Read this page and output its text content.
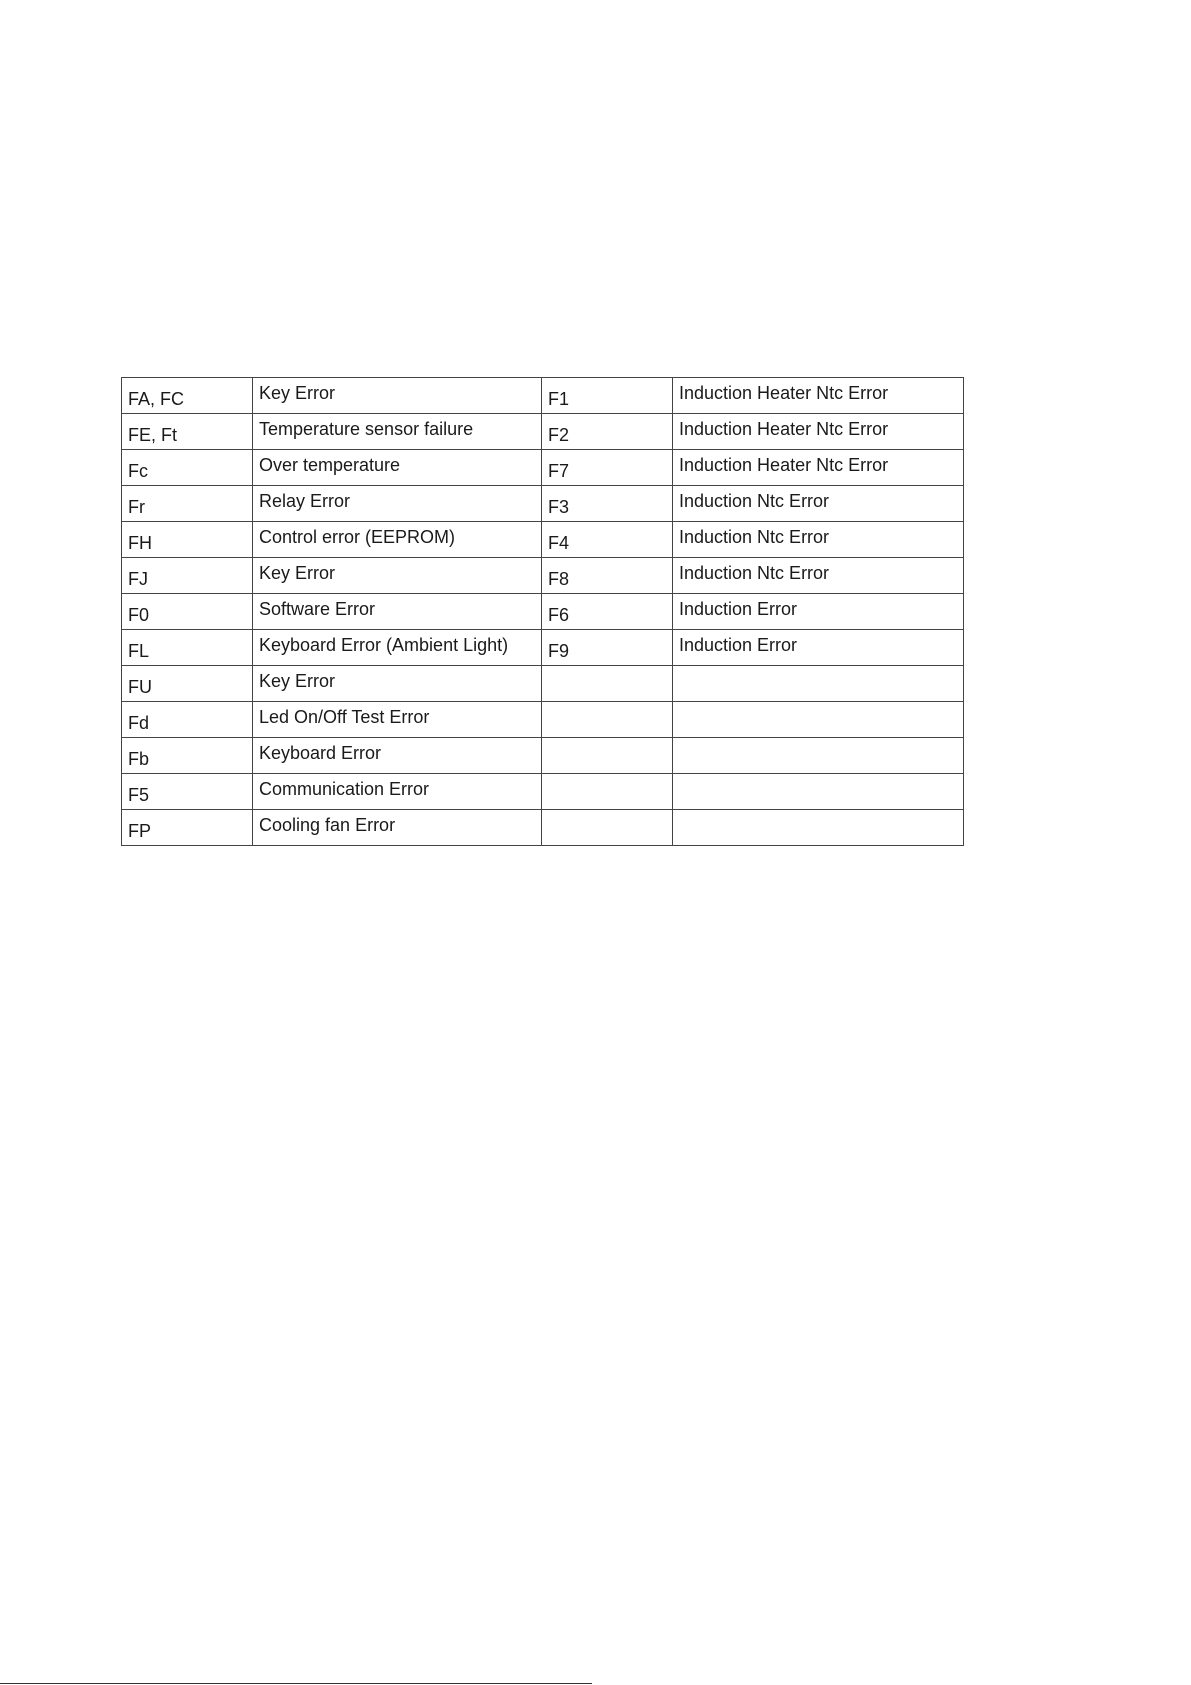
FA, FC	Key Error	F1	Induction Heater Ntc Error
FE, Ft	Temperature sensor failure	F2	Induction Heater Ntc Error
Fc	Over temperature	F7	Induction Heater Ntc Error
Fr	Relay Error	F3	Induction Ntc Error
FH	Control error (EEPROM)	F4	Induction Ntc Error
FJ	Key Error	F8	Induction Ntc Error
F0	Software Error	F6	Induction Error
FL	Keyboard Error (Ambient Light)	F9	Induction Error
FU	Key Error		
Fd	Led On/Off Test Error		
Fb	Keyboard Error		
F5	Communication Error		
FP	Cooling fan Error		
